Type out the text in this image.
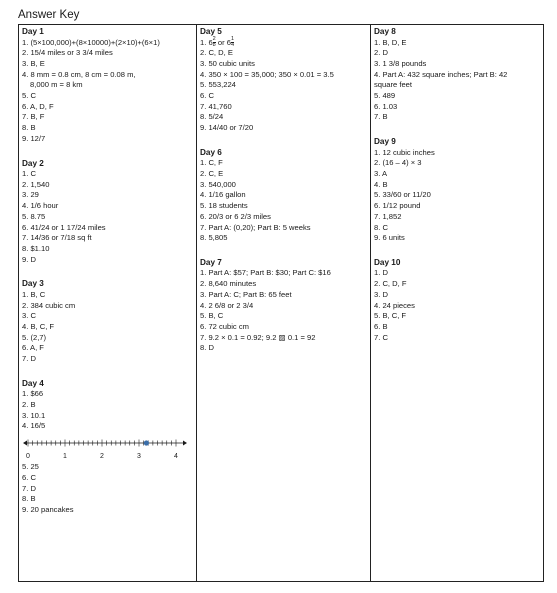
Answer Key
Day 1
1. (5×100,000)+(8×10000)+(2×10)+(6×1)
2. 15/4 miles or 3 3/4 miles
3. B, E
4. 8 mm = 0.8 cm, 8 cm = 0.08 m,
8,000 m = 8 km
5. C
6. A, D, F
7. B, F
8. B
9. 12/7
Day 2
1. C
2. 1,540
3. 29
4. 1/6 hour
5. 8.75
6. 41/24 or 1 17/24 miles
7. 14/36 or 7/18 sq ft
8. $1.10
9. D
Day 3
1. B, C
2. 384 cubic cm
3. C
4. B, C, F
5. (2,7)
6. A, F
7. D
Day 4
1. $66
2. B
3. 10.1
4. 16/5
0	1	2	3	4
5. 25
6. C
7. D
8. B
9. 20 pancakes
Day 5
1. $6 \frac{2}{8}$ or $6 \frac{1}{4}$
2. C, D, E
3. 50 cubic units
4. 350 × 100 = 35,000; 350 × 0.01 = 3.5
5. 553,224
6. C
7. 41,760
8. 5/24
9. 14/40 or 7/20
Day 6
1. C, F
2. C, E
3. 540,000
4. 1/16 gallon
5. 18 students
6. 20/3 or 6 2/3 miles
7. Part A: (0,20); Part B: 5 weeks
8. 5,805
Day 7
1. Part A: $57; Part B: $30; Part C: $16
2. 8,640 minutes
3. Part A: C; Part B: 65 feet
4. 2 6/8 or 2 3/4
5. B, C
6. 72 cubic cm
7. 9.2 × 0.1 = 0.92; 9.2 ▨ 0.1 = 92
8. D
Day 8
1. B, D, E
2. D
3. 1 3/8 pounds
4. Part A: 432 square inches; Part B: 42
square feet
5. 489
6. 1.03
7. B
Day 9
1. 12 cubic inches
2. (16 – 4) × 3
3. A
4. B
5. 33/60 or 11/20
6. 1/12 pound
7. 1,852
8. C
9. 6 units
Day 10
1. D
2. C, D, F
3. D
4. 24 pieces
5. B, C, F
6. B
7. C
